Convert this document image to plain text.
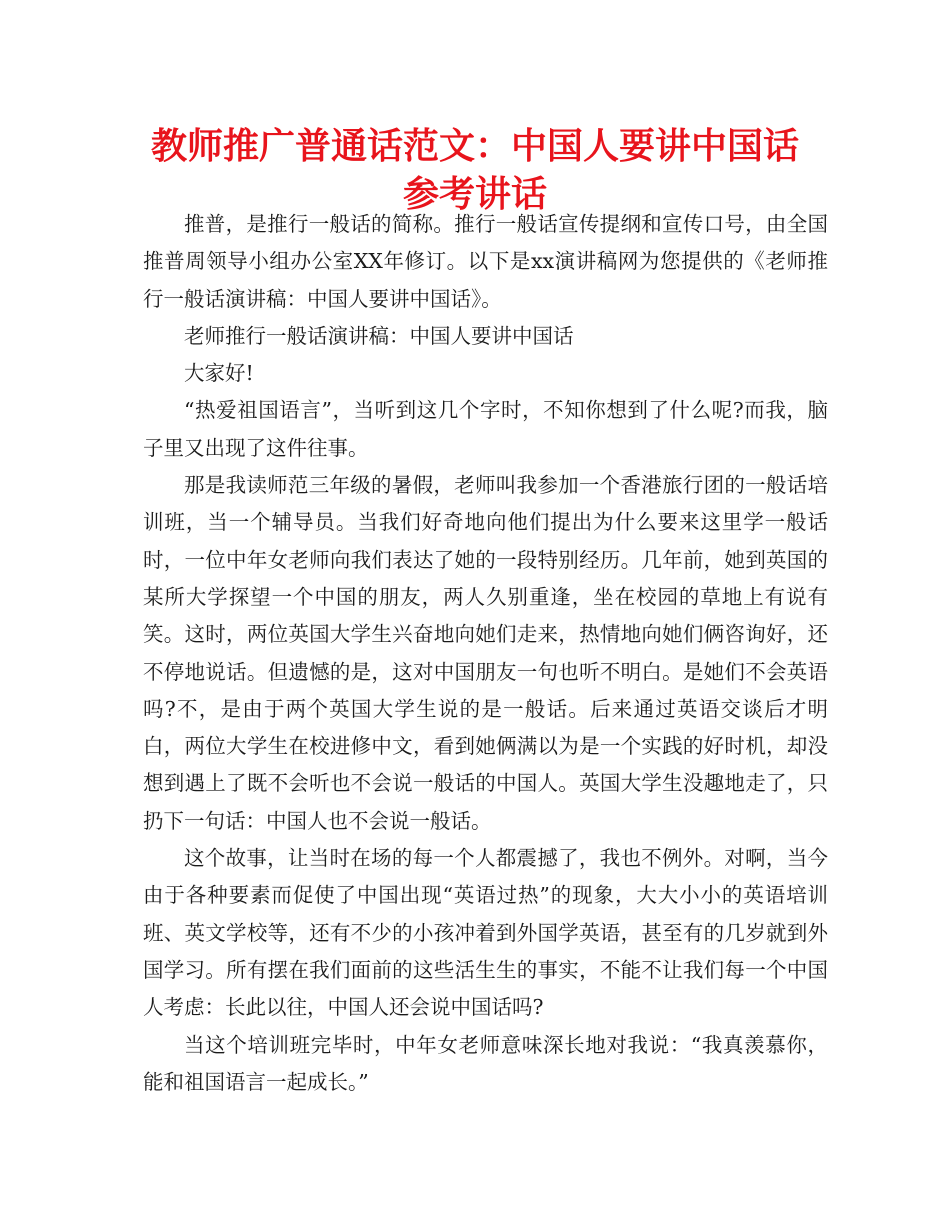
教师推广普通话范文：中国人要讲中国话
参考讲话

推普，是推行一般话的简称。推行一般话宣传提纲和宣传口号，由全国推普周领导小组办公室XX年修订。以下是xx演讲稿网为您提供的《老师推行一般话演讲稿：中国人要讲中国话》。

老师推行一般话演讲稿：中国人要讲中国话

大家好!

“热爱祖国语言”，当听到这几个字时，不知你想到了什么呢?而我，脑子里又出现了这件往事。

那是我读师范三年级的暑假，老师叫我参加一个香港旅行团的一般话培训班，当一个辅导员。当我们好奇地向他们提出为什么要来这里学一般话时，一位中年女老师向我们表达了她的一段特别经历。几年前，她到英国的某所大学探望一个中国的朋友，两人久别重逢，坐在校园的草地上有说有笑。这时，两位英国大学生兴奋地向她们走来，热情地向她们俩咨询好，还不停地说话。但遗憾的是，这对中国朋友一句也听不明白。是她们不会英语吗?不，是由于两个英国大学生说的是一般话。后来通过英语交谈后才明白，两位大学生在校进修中文，看到她俩满以为是一个实践的好时机，却没想到遇上了既不会听也不会说一般话的中国人。英国大学生没趣地走了，只扔下一句话：中国人也不会说一般话。

这个故事，让当时在场的每一个人都震撼了，我也不例外。对啊，当今由于各种要素而促使了中国出现“英语过热”的现象，大大小小的英语培训班、英文学校等，还有不少的小孩冲着到外国学英语，甚至有的几岁就到外国学习。所有摆在我们面前的这些活生生的事实，不能不让我们每一个中国人考虑：长此以往，中国人还会说中国话吗?

当这个培训班完毕时，中年女老师意味深长地对我说：“我真羡慕你，能和祖国语言一起成长。”
